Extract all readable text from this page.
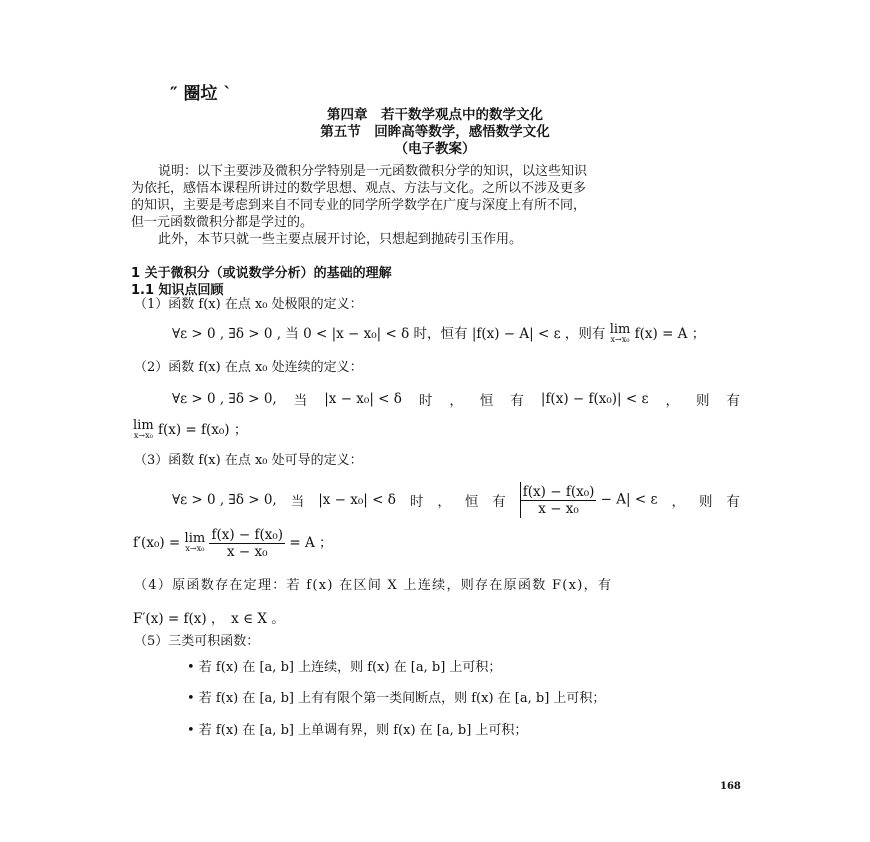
″ 圈垃 `
第四章　若干数学观点中的数学文化
第五节　回眸高等数学，感悟数学文化
（电子教案）
说明：以下主要涉及微积分学特别是一元函数微积分学的知识，以这些知识
为依托，感悟本课程所讲过的数学思想、观点、方法与文化。之所以不涉及更多
的知识，主要是考虑到来自不同专业的同学所学数学在广度与深度上有所不同，
但一元函数微积分都是学过的。
此外，本节只就一些主要点展开讨论，只想起到抛砖引玉作用。
1 关于微积分（或说数学分析）的基础的理解
1.1 知识点回顾
（1）函数 f(x) 在点 x₀ 处极限的定义：
∀ε > 0 , ∃δ > 0 , 当 0 < |x − x₀| < δ 时，恒有 |f(x) − A| < ε ，则有 lim
x→x₀ f(x) = A ；
（2）函数 f(x) 在点 x₀ 处连续的定义：
∀ε > 0 , ∃δ > 0, 当 |x − x₀| < δ 时 ， 恒 有 |f(x) − f(x₀)| < ε ， 则 有
lim
x→x₀ f(x) = f(x₀) ；
（3）函数 f(x) 在点 x₀ 处可导的定义：
∀ε > 0 , ∃δ > 0, 当 |x − x₀| < δ 时 ， 恒 有 $\frac{\text{f(x) − f(x₀)}}{\text{x − x₀}} - A| < \varepsilon$ ， 则 有
f′(x₀) = lim
x→x₀
$\frac{\text{f(x) − f(x₀)}}{\text{x − x₀}} = A$ ；
（4）原函数存在定理：若 f(x) 在区间 X 上连续，则存在原函数 F(x)，有
F′(x) = f(x) ，　x ∈ X 。
（5）三类可积函数：
• 若 f(x) 在 [a, b] 上连续，则 f(x) 在 [a, b] 上可积；
• 若 f(x) 在 [a, b] 上有有限个第一类间断点，则 f(x) 在 [a, b] 上可积；
• 若 f(x) 在 [a, b] 上单调有界，则 f(x) 在 [a, b] 上可积；
168
